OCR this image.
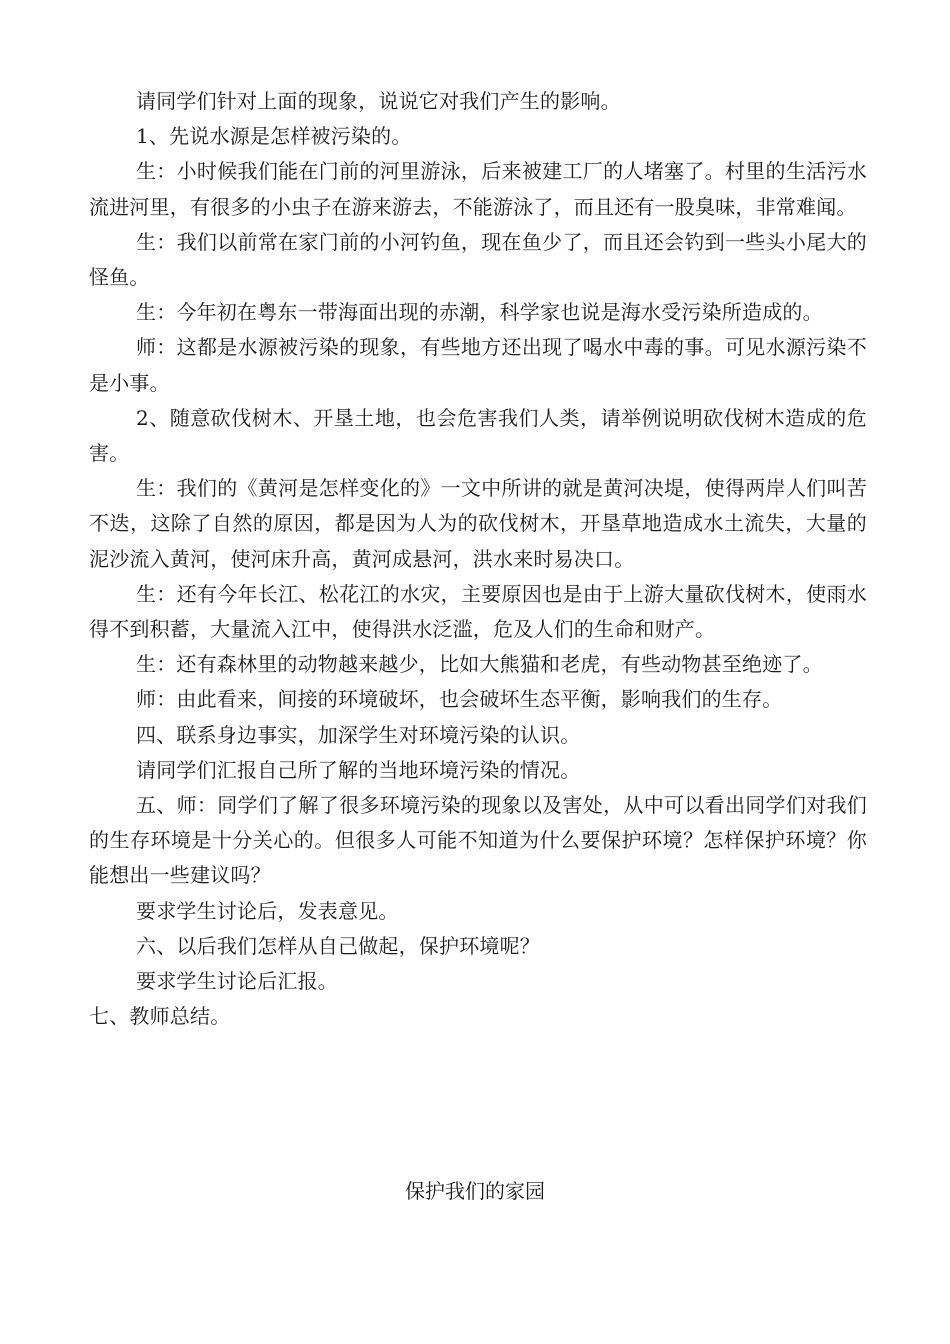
请同学们针对上面的现象，说说它对我们产生的影响。

1、先说水源是怎样被污染的。

生：小时候我们能在门前的河里游泳，后来被建工厂的人堵塞了。村里的生活污水流进河里，有很多的小虫子在游来游去，不能游泳了，而且还有一股臭味，非常难闻。

生：我们以前常在家门前的小河钓鱼，现在鱼少了，而且还会钓到一些头小尾大的怪鱼。

生：今年初在粤东一带海面出现的赤潮，科学家也说是海水受污染所造成的。

师：这都是水源被污染的现象，有些地方还出现了喝水中毒的事。可见水源污染不是小事。

2、随意砍伐树木、开垦土地，也会危害我们人类，请举例说明砍伐树木造成的危害。

生：我们的《黄河是怎样变化的》一文中所讲的就是黄河决堤，使得两岸人们叫苦不迭，这除了自然的原因，都是因为人为的砍伐树木，开垦草地造成水土流失，大量的泥沙流入黄河，使河床升高，黄河成悬河，洪水来时易决口。

生：还有今年长江、松花江的水灾，主要原因也是由于上游大量砍伐树木，使雨水得不到积蓄，大量流入江中，使得洪水泛滥，危及人们的生命和财产。

生：还有森林里的动物越来越少，比如大熊猫和老虎，有些动物甚至绝迹了。

师：由此看来，间接的环境破坏，也会破坏生态平衡，影响我们的生存。

四、联系身边事实，加深学生对环境污染的认识。

请同学们汇报自己所了解的当地环境污染的情况。

五、师：同学们了解了很多环境污染的现象以及害处，从中可以看出同学们对我们的生存环境是十分关心的。但很多人可能不知道为什么要保护环境？怎样保护环境？你能想出一些建议吗？

要求学生讨论后，发表意见。

六、以后我们怎样从自己做起，保护环境呢？

要求学生讨论后汇报。

七、教师总结。

保护我们的家园
